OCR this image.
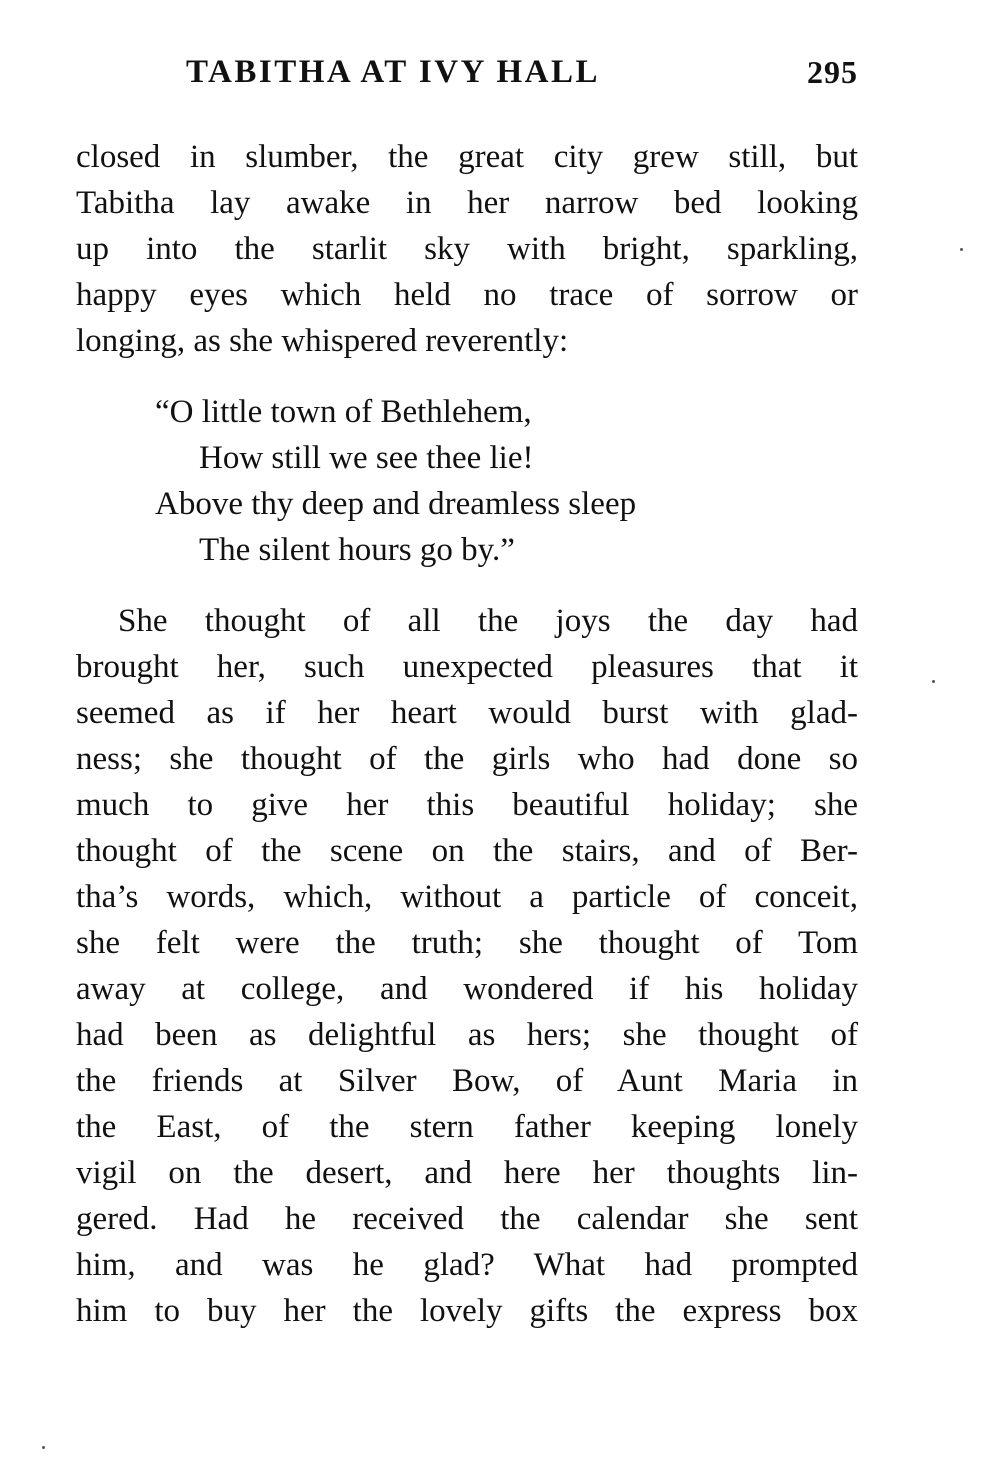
TABITHA AT IVY HALL	295
closed in slumber, the great city grew still, but
Tabitha lay awake in her narrow bed looking
up into the starlit sky with bright, sparkling,
happy eyes which held no trace of sorrow or
longing, as she whispered reverently:
“O little town of Bethlehem,
How still we see thee lie!
Above thy deep and dreamless sleep
The silent hours go by.”
She thought of all the joys the day had
brought her, such unexpected pleasures that it
seemed as if her heart would burst with glad-
ness; she thought of the girls who had done so
much to give her this beautiful holiday; she
thought of the scene on the stairs, and of Ber-
tha’s words, which, without a particle of conceit,
she felt were the truth; she thought of Tom
away at college, and wondered if his holiday
had been as delightful as hers; she thought of
the friends at Silver Bow, of Aunt Maria in
the East, of the stern father keeping lonely
vigil on the desert, and here her thoughts lin-
gered. Had he received the calendar she sent
him, and was he glad? What had prompted
him to buy her the lovely gifts the express box
